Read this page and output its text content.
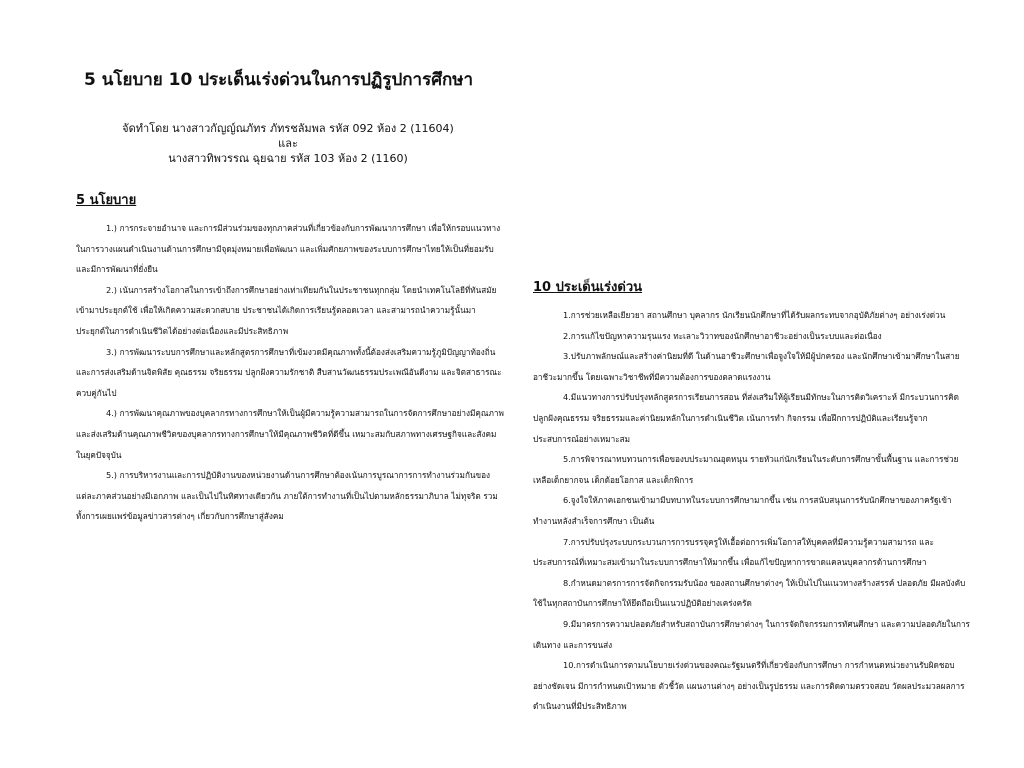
5 นโยบาย 10 ประเด็นเร่งด่วนในการปฏิรูปการศึกษา
จัดทำโดย นางสาวกัญญ์ณภัทร ภัทรชลัมพล รหัส 092 ห้อง 2 (11604)
และ
นางสาวทิพวรรณ ฉุยฉาย รหัส 103 ห้อง 2 (1160)
5 นโยบาย

1.) การกระจายอำนาจ และการมีส่วนร่วมของทุกภาคส่วนที่เกี่ยวข้องกับการพัฒนาการศึกษา เพื่อให้กรอบแนวทางในการวางแผนดำเนินงานด้านการศึกษามีจุดมุ่งหมายเพื่อพัฒนา และเพิ่มศักยภาพของระบบการศึกษาไทยให้เป็นที่ยอมรับและมีการพัฒนาที่ยั่งยืน

2.) เน้นการสร้างโอกาสในการเข้าถึงการศึกษาอย่างเท่าเทียมกันในประชาชนทุกกลุ่ม โดยนำเทคโนโลยีที่ทันสมัยเข้ามาประยุกต์ใช้ เพื่อให้เกิดความสะดวกสบาย ประชาชนได้เกิดการเรียนรู้ตลอดเวลา และสามารถนำความรู้นั้นมาประยุกต์ในการดำเนินชีวิตได้อย่างต่อเนื่องและมีประสิทธิภาพ

3.) การพัฒนาระบบการศึกษาและหลักสูตรการศึกษาที่เข้มงวดมีคุณภาพทั้งนี้ต้องส่งเสริมความรู้ภูมิปัญญาท้องถิ่น และการส่งเสริมด้านจิตพิสัย คุณธรรม จริยธรรม ปลูกฝังความรักชาติ สืบสานวัฒนธรรมประเพณีอันดีงาม และจิตสาธารณะควบคู่กันไป

4.) การพัฒนาคุณภาพของบุคลากรทางการศึกษาให้เป็นผู้มีความรู้ความสามารถในการจัดการศึกษาอย่างมีคุณภาพ และส่งเสริมด้านคุณภาพชีวิตของบุคลากรทางการศึกษาให้มีคุณภาพชีวิตที่ดีขึ้น เหมาะสมกับสภาพทางเศรษฐกิจและสังคมในยุคปัจจุบัน

5.) การบริหารงานและการปฏิบัติงานของหน่วยงานด้านการศึกษาต้องเน้นการบูรณาการการทำงานร่วมกันของแต่ละภาคส่วนอย่างมีเอกภาพ และเป็นไปในทิศทางเดียวกัน ภายใต้การทำงานที่เป็นไปตามหลักธรรมาภิบาล ไม่ทุจริต รวมทั้งการเผยแพร่ข้อมูลข่าวสารต่างๆ เกี่ยวกับการศึกษาสู่สังคม

10 ประเด็นเร่งด่วน

1.การช่วยเหลือเยียวยา สถานศึกษา บุคลากร นักเรียนนักศึกษาที่ได้รับผลกระทบจากอุบัติภัยต่างๆ อย่างเร่งด่วน

2.การแก้ไขปัญหาความรุนแรง ทะเลาะวิวาทของนักศึกษาอาชีวะอย่างเป็นระบบและต่อเนื่อง

3.ปรับภาพลักษณ์และสร้างค่านิยมที่ดี ในด้านอาชีวะศึกษาเพื่อจูงใจให้มีผู้ปกครอง และนักศึกษาเข้ามาศึกษาในสายอาชีวะมากขึ้น โดยเฉพาะวิชาชีพที่มีความต้องการของตลาดแรงงาน

4.มีแนวทางการปรับปรุงหลักสูตรการเรียนการสอน ที่ส่งเสริมให้ผู้เรียนมีทักษะในการคิดวิเคราะห์ มีกระบวนการคิด ปลูกฝังคุณธรรม จริยธรรมและค่านิยมหลักในการดำเนินชีวิต เน้นการทำ กิจกรรม เพื่อฝึกการปฏิบัติและเรียนรู้จากประสบการณ์อย่างเหมาะสม

5.การพิจารณาทบทวนการเพื่อของบประมาณอุดหนุน รายหัวแก่นักเรียนในระดับการศึกษาขั้นพื้นฐาน และการช่วยเหลือเด็กยากจน เด็กด้อยโอกาส และเด็กพิการ

6.จูงใจให้ภาคเอกชนเข้ามามีบทบาทในระบบการศึกษามากขึ้น เช่น การสนับสนุนการรับนักศึกษาของภาครัฐเข้าทำงานหลังสำเร็จการศึกษา เป็นต้น

7.การปรับปรุงระบบกระบวนการการบรรจุครูให้เอื้อต่อการเพิ่มโอกาสให้บุคคลที่มีความรู้ความสามารถ และประสบการณ์ที่เหมาะสมเข้ามาในระบบการศึกษาให้มากขึ้น เพื่อแก้ไขปัญหาการขาดแคลนบุคลากรด้านการศึกษา

8.กำหนดมาตรการการจัดกิจกรรมรับน้อง ของสถานศึกษาต่างๆ ให้เป็นไปในแนวทางสร้างสรรค์ ปลอดภัย มีผลบังคับใช้ในทุกสถาบันการศึกษาให้ยึดถือเป็นแนวปฏิบัติอย่างเคร่งครัด

9.มีมาตรการความปลอดภัยสำหรับสถาบันการศึกษาต่างๆ ในการจัดกิจกรรมการทัศนศึกษา และความปลอดภัยในการเดินทาง และการขนส่ง

10.การดำเนินการตามนโยบายเร่งด่วนของคณะรัฐมนตรีที่เกี่ยวข้องกับการศึกษา การกำหนดหน่วยงานรับผิดชอบอย่างชัดเจน มีการกำหนดเป้าหมาย ตัวชี้วัด แผนงานต่างๆ อย่างเป็นรูปธรรม และการติดตามตรวจสอบ วัดผลประมวลผลการดำเนินงานที่มีประสิทธิภาพ
